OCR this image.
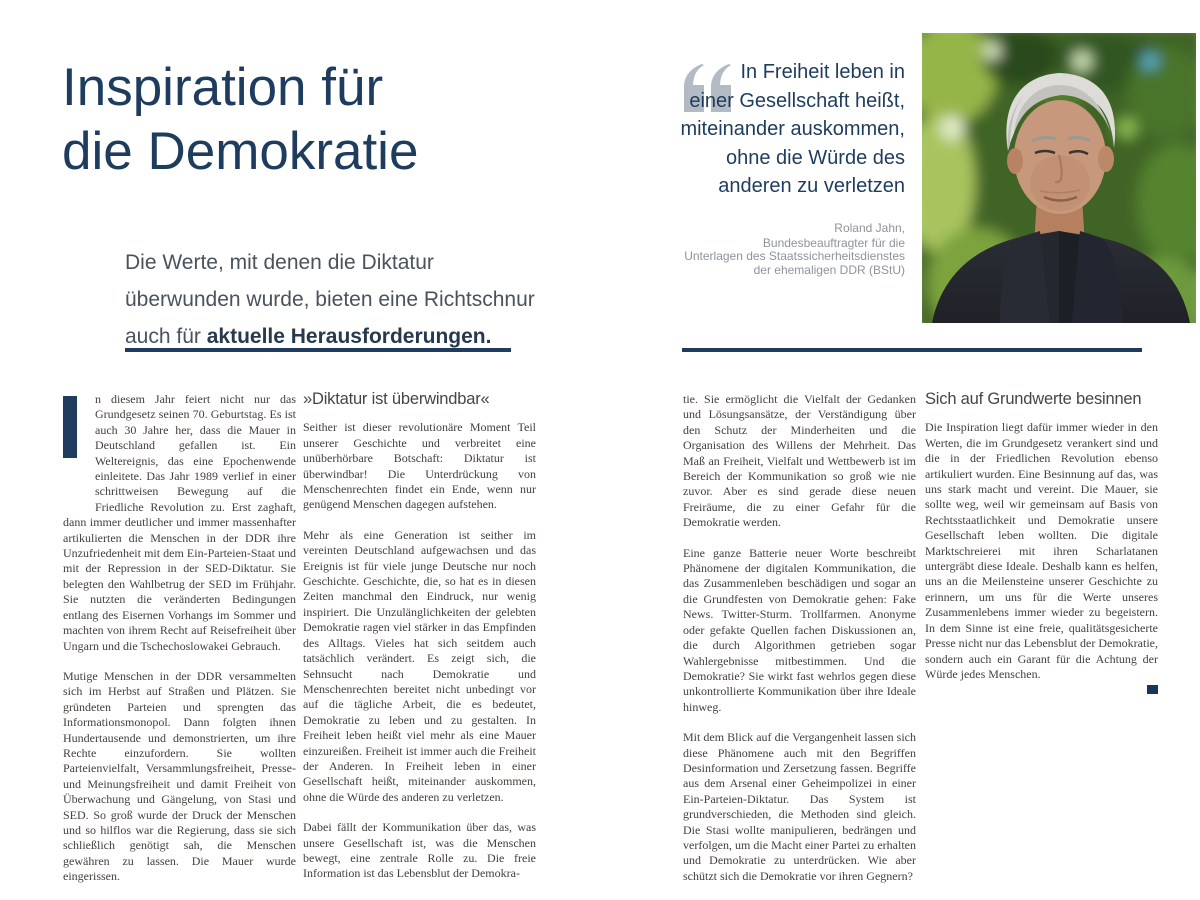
Inspiration für
die Demokratie
Die Werte, mit denen die Diktatur
überwunden wurde, bieten eine Richtschnur
auch für aktuelle Herausforderungen.

n diesem Jahr feiert nicht nur das Grundgesetz seinen 70. Geburtstag. Es ist auch 30 Jahre her, dass die Mauer in Deutschland gefallen ist. Ein Weltereignis, das eine Epochenwende einleitete. Das Jahr 1989 verlief in einer schrittweisen Bewegung auf die Friedliche Revolution zu. Erst zaghaft, dann immer deutlicher und immer massenhafter artikulierten die Menschen in der DDR ihre Unzufriedenheit mit dem Ein-Parteien-Staat und mit der Repression in der SED-Diktatur. Sie belegten den Wahlbetrug der SED im Frühjahr. Sie nutzten die veränderten Bedingungen entlang des Eisernen Vorhangs im Sommer und machten von ihrem Recht auf Reisefreiheit über Ungarn und die Tschechoslowakei Gebrauch.

Mutige Menschen in der DDR versammelten sich im Herbst auf Straßen und Plätzen. Sie gründeten Parteien und sprengten das Informationsmonopol. Dann folgten ihnen Hundertausende und demonstrierten, um ihre Rechte einzufordern. Sie wollten Parteienvielfalt, Versammlungsfreiheit, Presse- und Meinungsfreiheit und damit Freiheit von Überwachung und Gängelung, von Stasi und SED. So groß wurde der Druck der Menschen und so hilflos war die Regierung, dass sie sich schließlich genötigt sah, die Menschen gewähren zu lassen. Die Mauer wurde eingerissen.

»Diktatur ist überwindbar«

Seither ist dieser revolutionäre Moment Teil unserer Geschichte und verbreitet eine unüberhörbare Botschaft: Diktatur ist überwindbar! Die Unterdrückung von Menschenrechten findet ein Ende, wenn nur genügend Menschen dagegen aufstehen.

Mehr als eine Generation ist seither im vereinten Deutschland aufgewachsen und das Ereignis ist für viele junge Deutsche nur noch Geschichte. Geschichte, die, so hat es in diesen Zeiten manchmal den Eindruck, nur wenig inspiriert. Die Unzulänglichkeiten der gelebten Demokratie ragen viel stärker in das Empfinden des Alltags. Vieles hat sich seitdem auch tatsächlich verändert. Es zeigt sich, die Sehnsucht nach Demokratie und Menschenrechten bereitet nicht unbedingt vor auf die tägliche Arbeit, die es bedeutet, Demokratie zu leben und zu gestalten. In Freiheit leben heißt viel mehr als eine Mauer einzureißen. Freiheit ist immer auch die Freiheit der Anderen. In Freiheit leben in einer Gesellschaft heißt, miteinander auskommen, ohne die Würde des anderen zu verletzen.

Dabei fällt der Kommunikation über das, was unsere Gesellschaft ist, was die Menschen bewegt, eine zentrale Rolle zu. Die freie Information ist das Lebensblut der Demokra-

In Freiheit leben in
einer Gesellschaft heißt,
miteinander auskommen,
ohne die Würde des
anderen zu verletzen
Roland Jahn,
Bundesbeauftragter für die
Unterlagen des Staatssicherheitsdienstes
der ehemaligen DDR (BStU)

tie. Sie ermöglicht die Vielfalt der Gedanken und Lösungsansätze, der Verständigung über den Schutz der Minderheiten und die Organisation des Willens der Mehrheit. Das Maß an Freiheit, Vielfalt und Wettbewerb ist im Bereich der Kommunikation so groß wie nie zuvor. Aber es sind gerade diese neuen Freiräume, die zu einer Gefahr für die Demokratie werden.

Eine ganze Batterie neuer Worte beschreibt Phänomene der digitalen Kommunikation, die das Zusammenleben beschädigen und sogar an die Grundfesten von Demokratie gehen: Fake News. Twitter-Sturm. Trollfarmen. Anonyme oder gefakte Quellen fachen Diskussionen an, die durch Algorithmen getrieben sogar Wahlergebnisse mitbestimmen. Und die Demokratie? Sie wirkt fast wehrlos gegen diese unkontrollierte Kommunikation über ihre Ideale hinweg.

Mit dem Blick auf die Vergangenheit lassen sich diese Phänomene auch mit den Begriffen Desinformation und Zersetzung fassen. Begriffe aus dem Arsenal einer Geheimpolizei in einer Ein-Parteien-Diktatur. Das System ist grundverschieden, die Methoden sind gleich. Die Stasi wollte manipulieren, bedrängen und verfolgen, um die Macht einer Partei zu erhalten und Demokratie zu unterdrücken. Wie aber schützt sich die Demokratie vor ihren Gegnern?

Sich auf Grundwerte besinnen

Die Inspiration liegt dafür immer wieder in den Werten, die im Grundgesetz verankert sind und die in der Friedlichen Revolution ebenso artikuliert wurden. Eine Besinnung auf das, was uns stark macht und vereint. Die Mauer, sie sollte weg, weil wir gemeinsam auf Basis von Rechtsstaatlichkeit und Demokratie unsere Gesellschaft leben wollten. Die digitale Marktschreierei mit ihren Scharlatanen untergräbt diese Ideale. Deshalb kann es helfen, uns an die Meilensteine unserer Geschichte zu erinnern, um uns für die Werte unseres Zusammenlebens immer wieder zu begeistern. In dem Sinne ist eine freie, qualitätsgesicherte Presse nicht nur das Lebensblut der Demokratie, sondern auch ein Garant für die Achtung der Würde jedes Menschen.
